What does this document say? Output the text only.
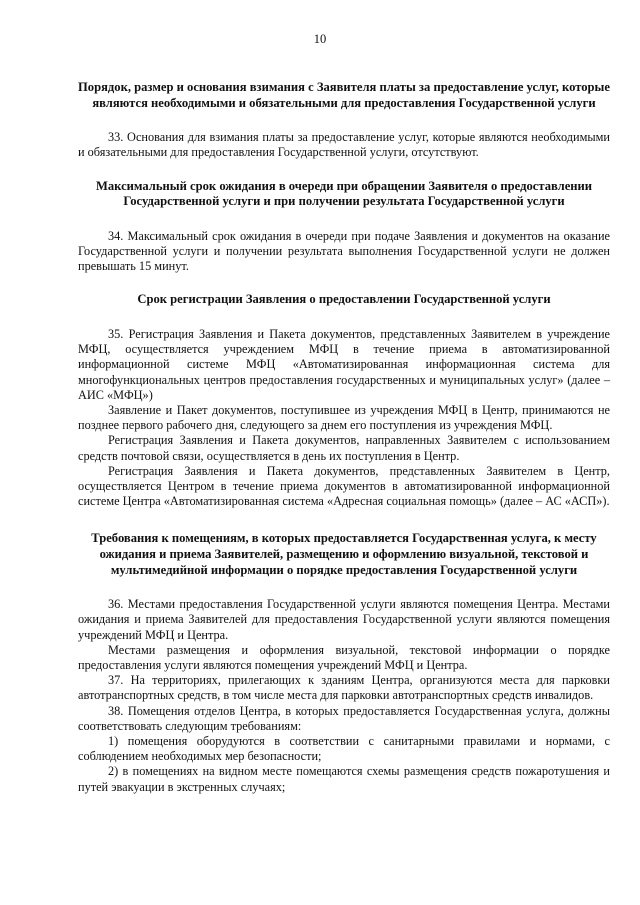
10
Порядок, размер и основания взимания с Заявителя платы за предоставление услуг, которые являются необходимыми и обязательными для предоставления Государственной услуги

33. Основания для взимания платы за предоставление услуг, которые являются необходимыми и обязательными для предоставления Государственной услуги, отсутствуют.

Максимальный срок ожидания в очереди при обращении Заявителя о предоставлении Государственной услуги и при получении результата Государственной услуги

34. Максимальный срок ожидания в очереди при подаче Заявления и документов на оказание Государственной услуги и получении результата выполнения Государственной услуги не должен превышать 15 минут.

Срок регистрации Заявления о предоставлении Государственной услуги

35. Регистрация Заявления и Пакета документов, представленных Заявителем в учреждение МФЦ, осуществляется учреждением МФЦ в течение приема в автоматизированной информационной системе МФЦ «Автоматизированная информационная система для многофункциональных центров предоставления государственных и муниципальных услуг» (далее – АИС «МФЦ»)

Заявление и Пакет документов, поступившее из учреждения МФЦ в Центр, принимаются не позднее первого рабочего дня, следующего за днем его поступления из учреждения МФЦ.

Регистрация Заявления и Пакета документов, направленных Заявителем с использованием средств почтовой связи, осуществляется в день их поступления в Центр.

Регистрация Заявления и Пакета документов, представленных Заявителем в Центр, осуществляется Центром в течение приема документов в автоматизированной информационной системе Центра «Автоматизированная система «Адресная социальная помощь» (далее – АС «АСП»).

Требования к помещениям, в которых предоставляется Государственная услуга, к месту ожидания и приема Заявителей, размещению и оформлению визуальной, текстовой и мультимедийной информации о порядке предоставления Государственной услуги

36. Местами предоставления Государственной услуги являются помещения Центра. Местами ожидания и приема Заявителей для предоставления Государственной услуги являются помещения учреждений МФЦ и Центра.

Местами размещения и оформления визуальной, текстовой информации о порядке предоставления услуги являются помещения учреждений МФЦ и Центра.

37. На территориях, прилегающих к зданиям Центра, организуются места для парковки автотранспортных средств, в том числе места для парковки автотранспортных средств инвалидов.

38. Помещения отделов Центра, в которых предоставляется Государственная услуга, должны соответствовать следующим требованиям:

1) помещения оборудуются в соответствии с санитарными правилами и нормами, с соблюдением необходимых мер безопасности;

2) в помещениях на видном месте помещаются схемы размещения средств пожаротушения и путей эвакуации в экстренных случаях;
